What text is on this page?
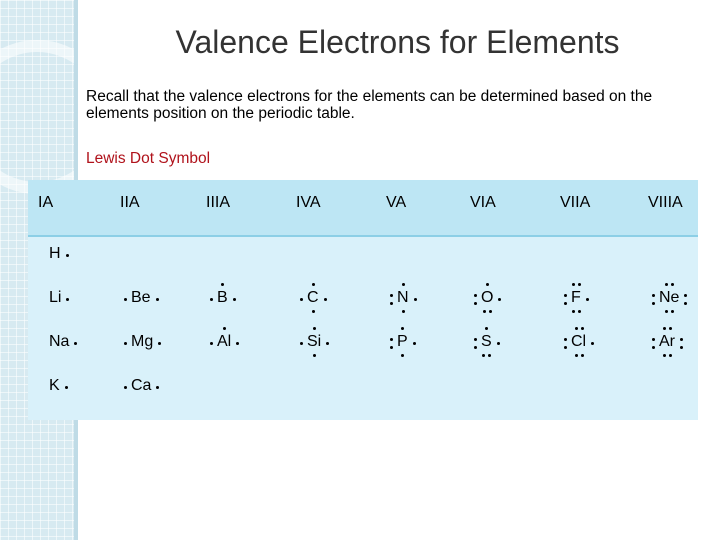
Valence Electrons for Elements
Recall that the valence electrons for the elements can be determined based on the elements position on the periodic table.
Lewis Dot Symbol
IA	IIA	IIIA	IVA	VA	VIA	VIIA	VIIIA
H
Li	Be	B	C	N	O	F	Ne
Na	Mg	Al	Si	P	S	Cl	Ar
K	Ca
